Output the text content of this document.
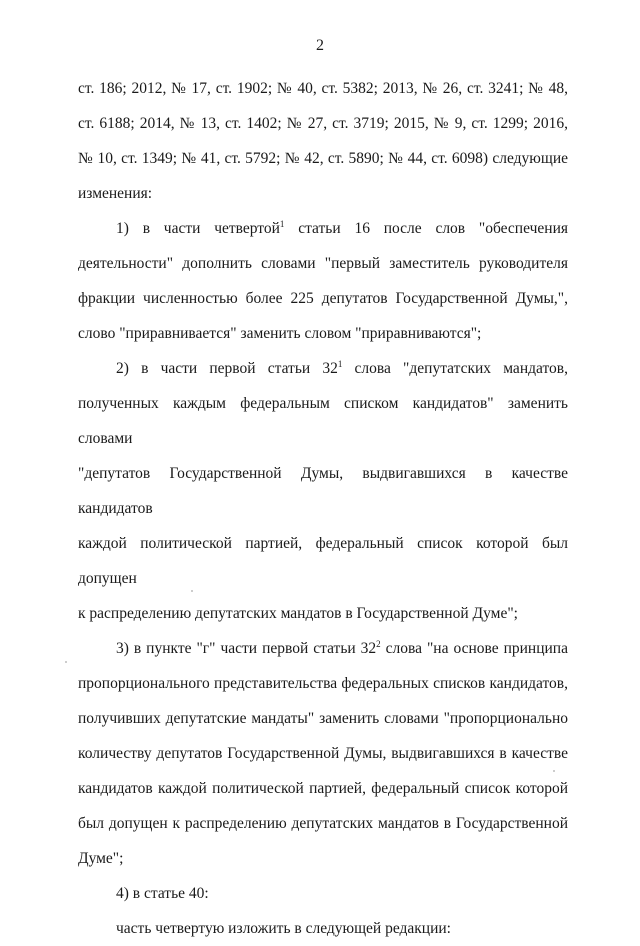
2
ст. 186; 2012, № 17, ст. 1902; № 40, ст. 5382; 2013, № 26, ст. 3241; № 48,
ст. 6188; 2014, № 13, ст. 1402; № 27, ст. 3719; 2015, № 9, ст. 1299; 2016,
№ 10, ст. 1349; № 41, ст. 5792; № 42, ст. 5890; № 44, ст. 6098) следующие
изменения:
1) в части четвертой$^1$ статьи 16 после слов "обеспечения
деятельности" дополнить словами "первый заместитель руководителя
фракции численностью более 225 депутатов Государственной Думы,",
слово "приравнивается" заменить словом "приравниваются";
2) в части первой статьи $32^1$ слова "депутатских мандатов,
полученных каждым федеральным списком кандидатов" заменить словами
"депутатов Государственной Думы, выдвигавшихся в качестве кандидатов
каждой политической партией, федеральный список которой был допущен
к распределению депутатских мандатов в Государственной Думе";
3) в пункте "г" части первой статьи $32^2$ слова "на основе принципа
пропорционального представительства федеральных списков кандидатов,
получивших депутатские мандаты" заменить словами "пропорционально
количеству депутатов Государственной Думы, выдвигавшихся в качестве
кандидатов каждой политической партией, федеральный список которой
был допущен к распределению депутатских мандатов в Государственной
Думе";
4) в статье 40:
часть четвертую изложить в следующей редакции:
